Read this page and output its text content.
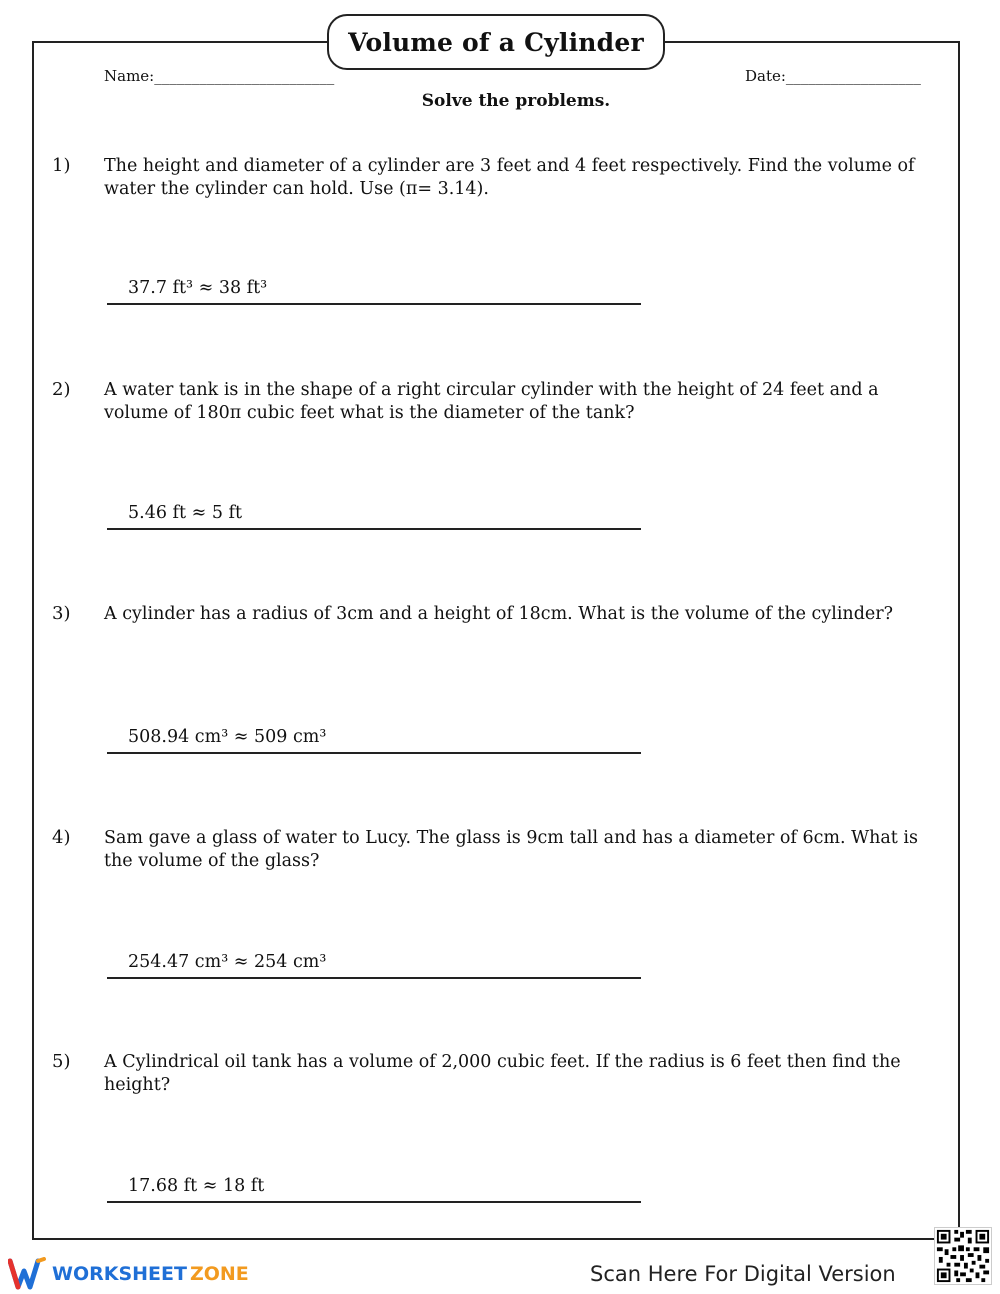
Volume of a Cylinder
Name:________________________	Date:__________________
Solve the problems.
1) The height and diameter of a cylinder are 3 feet and 4 feet respectively. Find the volume of water the cylinder can hold. Use (π= 3.14).
37.7 ft³ ≈ 38 ft³
2) A water tank is in the shape of a right circular cylinder with the height of 24 feet and a volume of 180π cubic feet what is the diameter of the tank?
5.46 ft ≈ 5 ft
3) A cylinder has a radius of 3cm and a height of 18cm. What is the volume of the cylinder?
508.94 cm³ ≈ 509 cm³
4) Sam gave a glass of water to Lucy. The glass is 9cm tall and has a diameter of 6cm. What is the volume of the glass?
254.47 cm³ ≈ 254 cm³
5) A Cylindrical oil tank has a volume of 2,000 cubic feet. If the radius is 6 feet then find the height?
17.68 ft ≈ 18 ft
WORKSHEET ZONE	Scan Here For Digital Version
